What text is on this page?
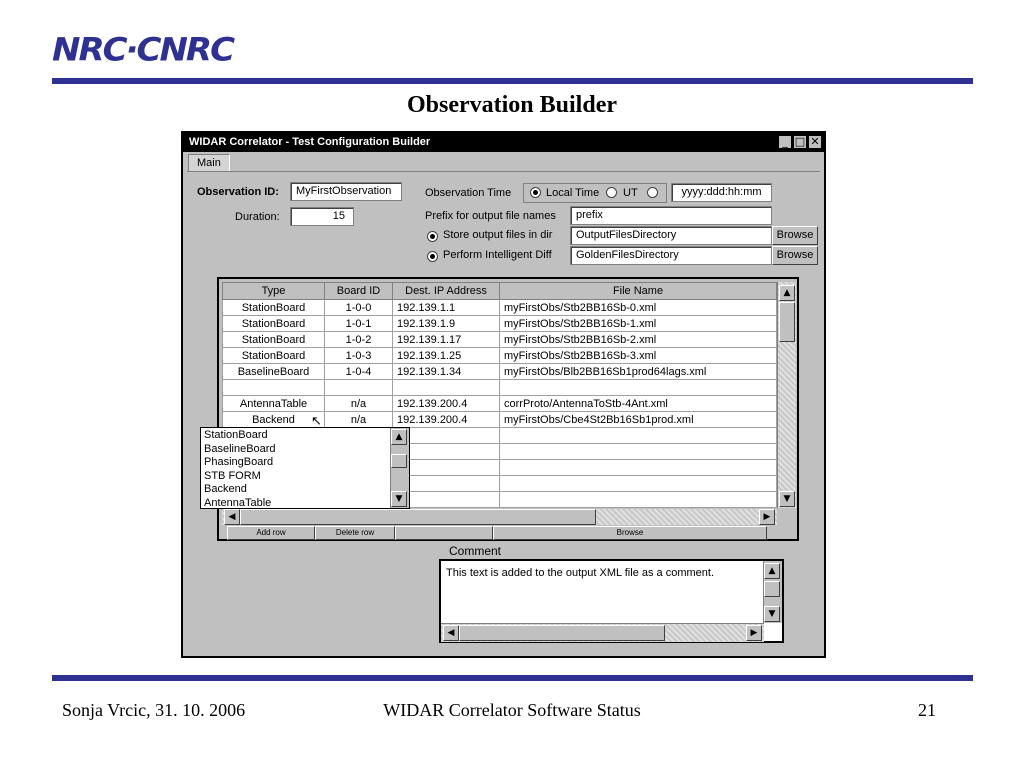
NRC·CNRC
Observation Builder
WIDAR Correlator - Test Configuration Builder	_ □ ✕
Main
Observation ID:	MyFirstObservation
Duration:	15
Observation Time	Local Time UT	yyyy:ddd:hh:mm
Prefix for output file names	prefix
Store output files in dir	OutputFilesDirectory	Browse
Perform Intelligent Diff	GoldenFilesDirectory	Browse
Type	Board ID	Dest. IP Address	File Name
StationBoard	1-0-0	192.139.1.1	myFirstObs/Stb2BB16Sb-0.xml
StationBoard	1-0-1	192.139.1.9	myFirstObs/Stb2BB16Sb-1.xml
StationBoard	1-0-2	192.139.1.17	myFirstObs/Stb2BB16Sb-2.xml
StationBoard	1-0-3	192.139.1.25	myFirstObs/Stb2BB16Sb-3.xml
BaselineBoard	1-0-4	192.139.1.34	myFirstObs/Blb2BB16Sb1prod64lags.xml

AntennaTable	n/a	192.139.200.4	corrProto/AntennaToStb-4Ant.xml
Backend	n/a	192.139.200.4	myFirstObs/Cbe4St2Bb16Sb1prod.xml

▲
▼
◀	▶
Add row	Delete row	Browse
StationBoard
BaselineBoard
PhasingBoard
STB FORM
Backend
AntennaTable
▲
▼
↖
Comment
This text is added to the output XML file as a comment.	▲
▼
◀	▶
Sonja Vrcic, 31. 10. 2006	WIDAR Correlator Software Status	21
